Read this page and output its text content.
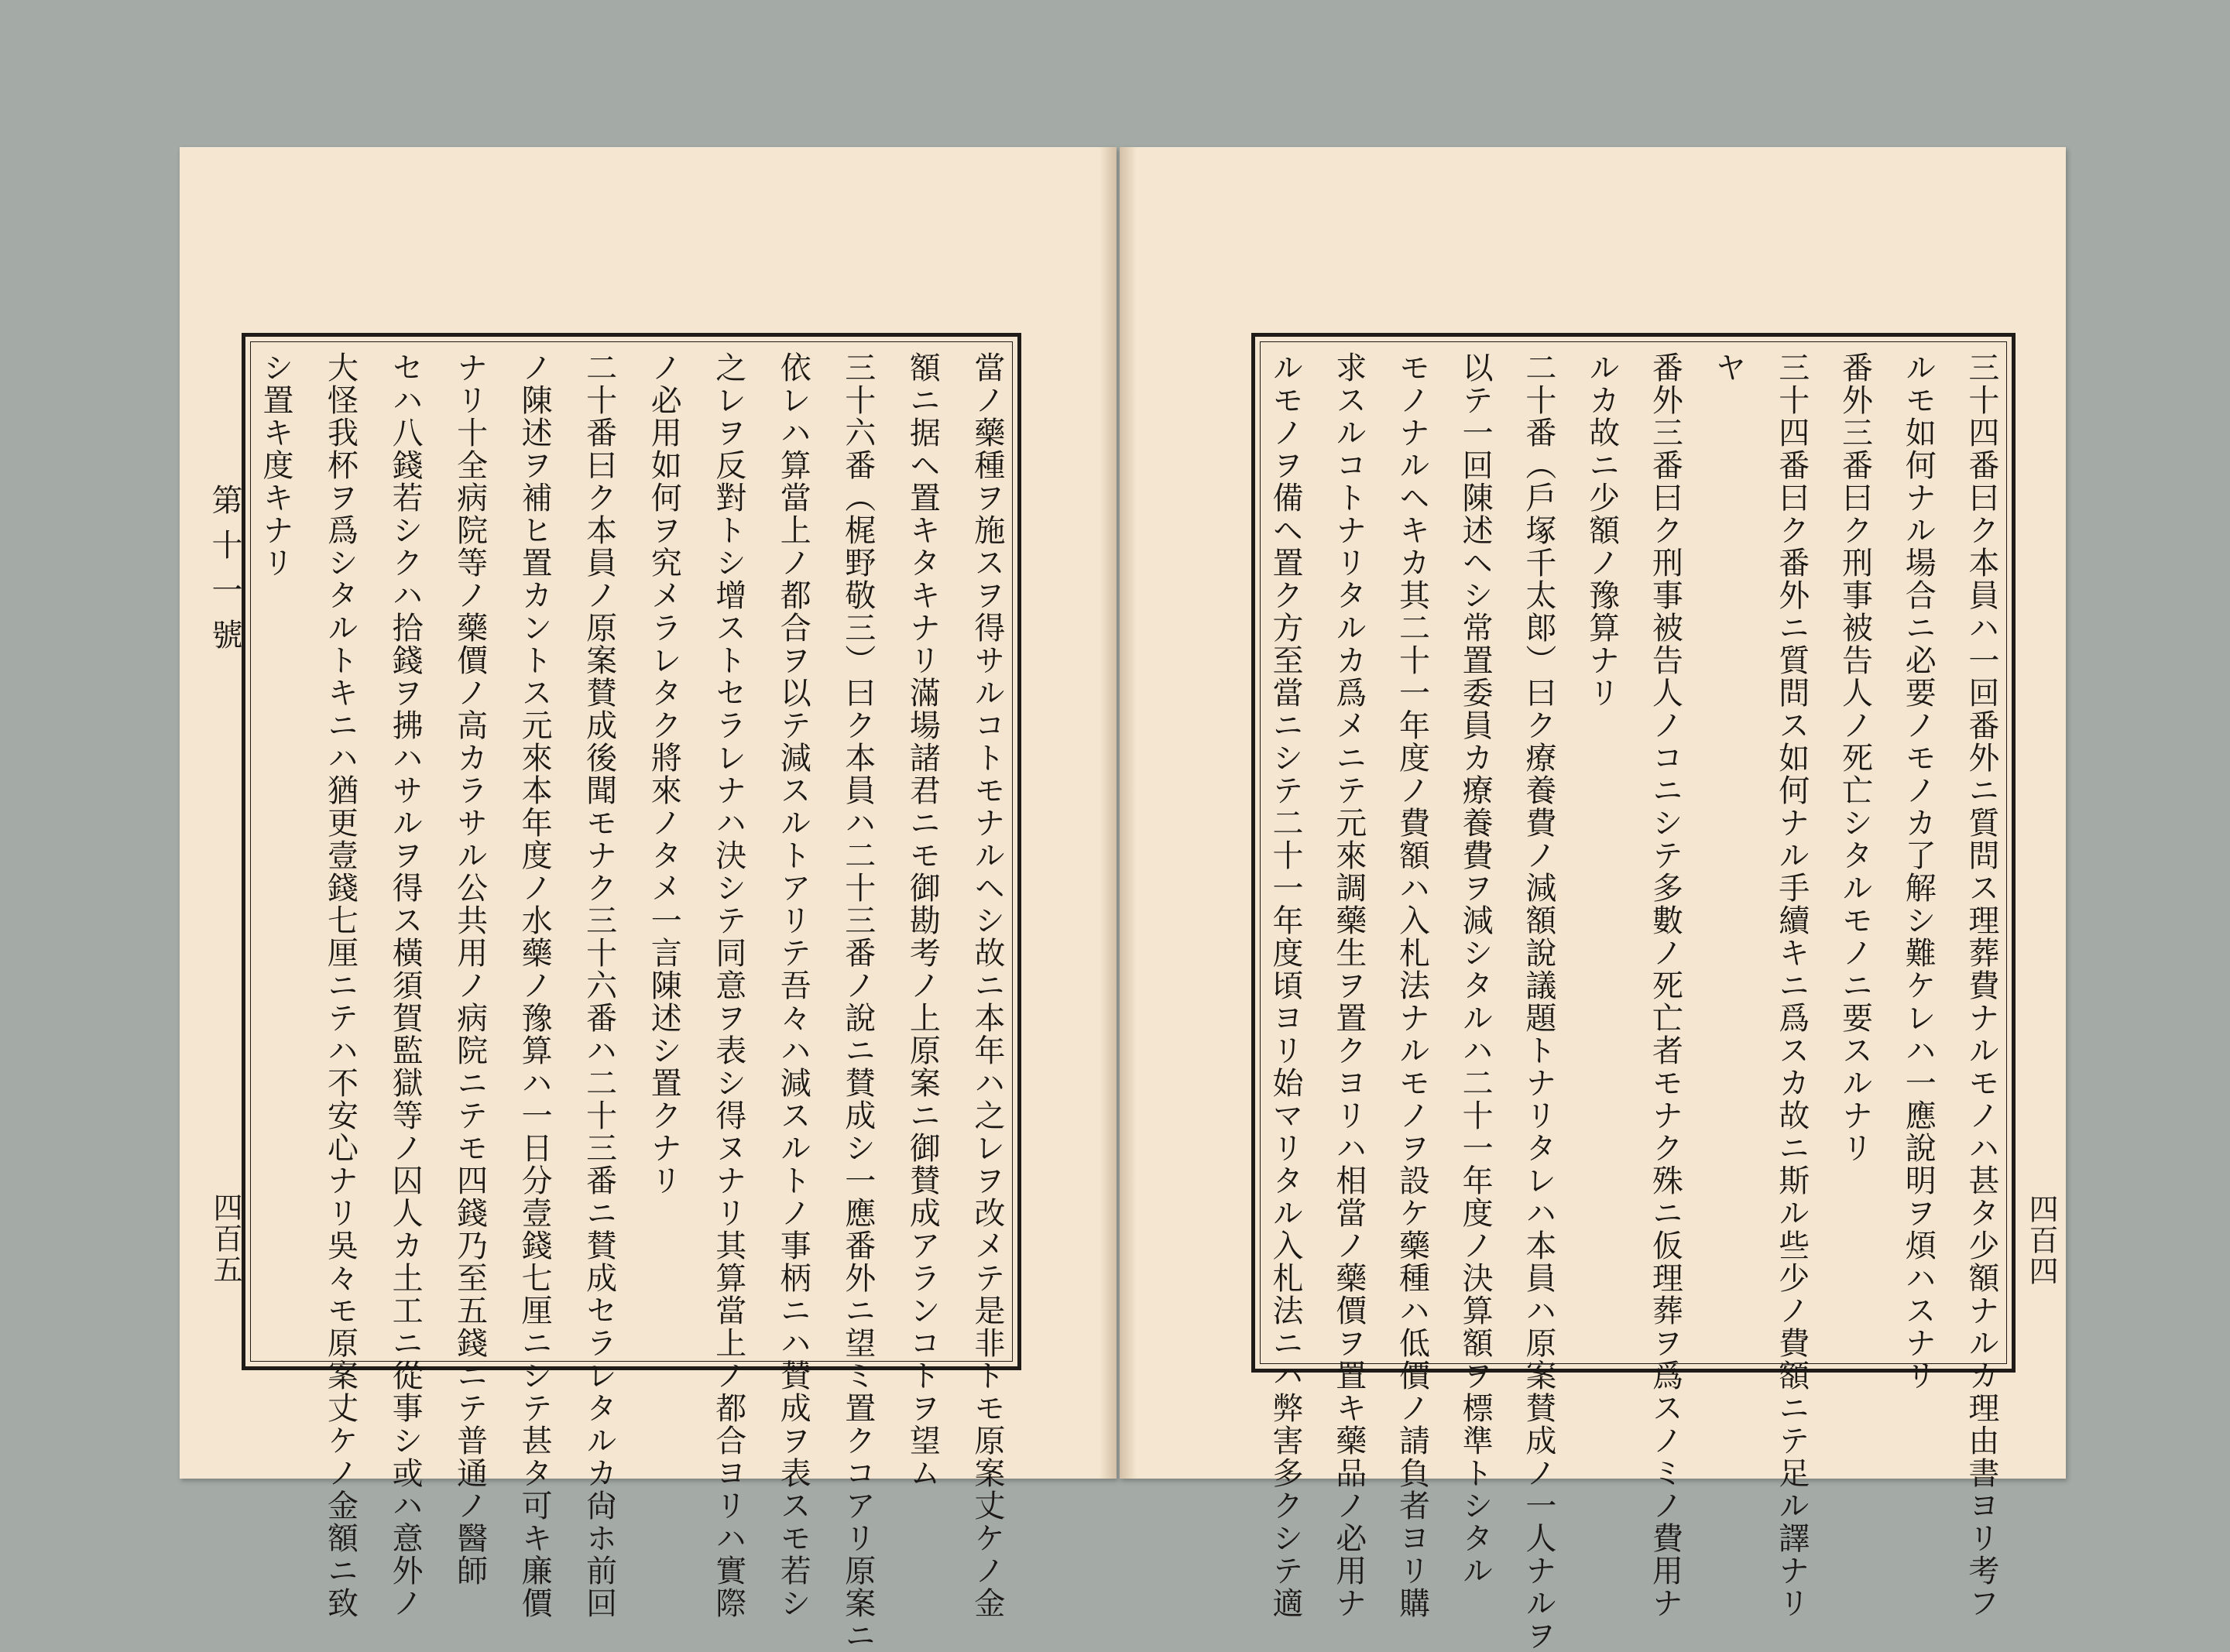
第十一號
四百五	當ノ藥種ヲ施スヲ得サルコトモナルヘシ故ニ本年ハ之レヲ改メテ是非トモ原案丈ケノ金
額ニ据ヘ置キタキナリ滿場諸君ニモ御勘考ノ上原案ニ御賛成アランコトヲ望ム
三十六番（梶野敬三）曰ク本員ハ二十三番ノ說ニ賛成シ一應番外ニ望ミ置クコアリ原案ニ
依レハ算當上ノ都合ヲ以テ減スルトアリテ吾々ハ減スルトノ事柄ニハ賛成ヲ表スモ若シ
之レヲ反對トシ增ストセラレナハ決シテ同意ヲ表シ得ヌナリ其算當上ノ都合ヨリハ實際
ノ必用如何ヲ究メラレタク將來ノタメ一言陳述シ置クナリ
二十番曰ク本員ノ原案賛成後聞モナク三十六番ハ二十三番ニ賛成セラレタルカ尙ホ前回
ノ陳述ヲ補ヒ置カントス元來本年度ノ水藥ノ豫算ハ一日分壹錢七厘ニシテ甚タ可キ廉價
ナリ十全病院等ノ藥價ノ高カラサル公共用ノ病院ニテモ四錢乃至五錢ニテ普通ノ醫師
セハ八錢若シクハ拾錢ヲ拂ハサルヲ得ス橫須賀監獄等ノ囚人カ土工ニ從事シ或ハ意外ノ
大怪我杯ヲ爲シタルトキニハ猶更壹錢七厘ニテハ不安心ナリ吳々モ原案丈ケノ金額ニ致
シ置キ度キナリ
四百四
三十四番曰ク本員ハ一回番外ニ質問ス理葬費ナルモノハ甚タ少額ナルカ理由書ヨリ考フ
ルモ如何ナル場合ニ必要ノモノカ了解シ難ケレハ一應說明ヲ煩ハスナリ
番外三番曰ク刑事被告人ノ死亡シタルモノニ要スルナリ
三十四番曰ク番外ニ質問ス如何ナル手續キニ爲スカ故ニ斯ル些少ノ費額ニテ足ル譯ナリ
ヤ
番外三番曰ク刑事被告人ノコニシテ多數ノ死亡者モナク殊ニ仮理葬ヲ爲スノミノ費用ナ
ルカ故ニ少額ノ豫算ナリ
二十番（戶塚千太郞）曰ク療養費ノ減額說議題トナリタレハ本員ハ原案賛成ノ一人ナルヲ
以テ一回陳述ヘシ常置委員カ療養費ヲ減シタルハ二十一年度ノ決算額ヲ標準トシタル
モノナルヘキカ其二十一年度ノ費額ハ入札法ナルモノヲ設ケ藥種ハ低價ノ請負者ヨリ購
求スルコトナリタルカ爲メニテ元來調藥生ヲ置クヨリハ相當ノ藥價ヲ置キ藥品ノ必用ナ
ルモノヲ備ヘ置ク方至當ニシテ二十一年度頃ヨリ始マリタル入札法ニハ弊害多クシテ適
